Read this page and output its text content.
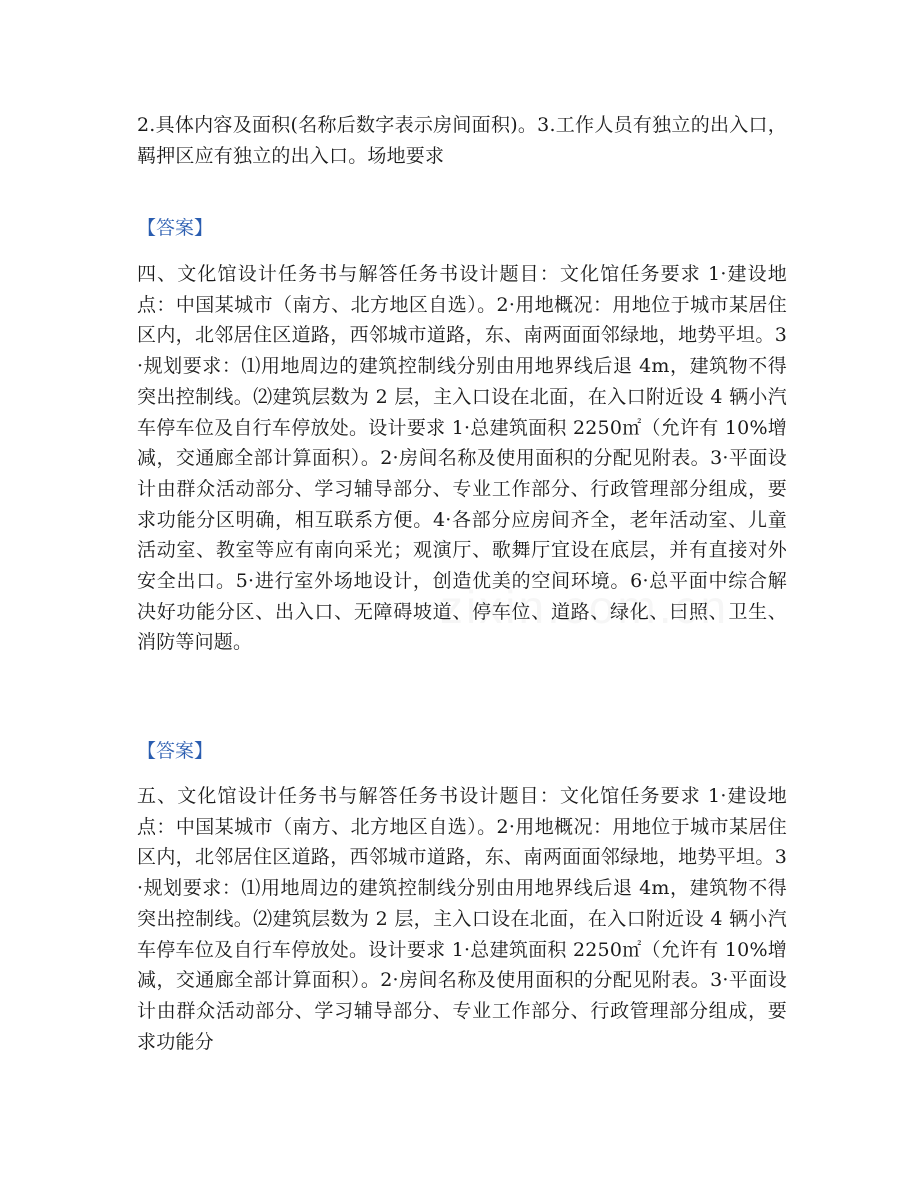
2.具体内容及面积(名称后数字表示房间面积)。3.工作人员有独立的出入口，羁押区应有独立的出入口。场地要求

【答案】

四、文化馆设计任务书与解答任务书设计题目：文化馆任务要求 1·建设地点：中国某城市（南方、北方地区自选）。2·用地概况：用地位于城市某居住区内，北邻居住区道路，西邻城市道路，东、南两面面邻绿地，地势平坦。3·规划要求：⑴用地周边的建筑控制线分别由用地界线后退 4m，建筑物不得突出控制线。⑵建筑层数为 2 层，主入口设在北面，在入口附近设 4 辆小汽车停车位及自行车停放处。设计要求 1·总建筑面积 2250㎡（允许有 10%增减，交通廊全部计算面积）。2·房间名称及使用面积的分配见附表。3·平面设计由群众活动部分、学习辅导部分、专业工作部分、行政管理部分组成，要求功能分区明确，相互联系方便。4·各部分应房间齐全，老年活动室、儿童活动室、教室等应有南向采光；观演厅、歌舞厅宜设在底层，并有直接对外安全出口。5·进行室外场地设计，创造优美的空间环境。6·总平面中综合解决好功能分区、出入口、无障碍坡道、停车位、道路、绿化、曰照、卫生、消防等问题。

【答案】

五、文化馆设计任务书与解答任务书设计题目：文化馆任务要求 1·建设地点：中国某城市（南方、北方地区自选）。2·用地概况：用地位于城市某居住区内，北邻居住区道路，西邻城市道路，东、南两面面邻绿地，地势平坦。3·规划要求：⑴用地周边的建筑控制线分别由用地界线后退 4m，建筑物不得突出控制线。⑵建筑层数为 2 层，主入口设在北面，在入口附近设 4 辆小汽车停车位及自行车停放处。设计要求 1·总建筑面积 2250㎡（允许有 10%增减，交通廊全部计算面积）。2·房间名称及使用面积的分配见附表。3·平面设计由群众活动部分、学习辅导部分、专业工作部分、行政管理部分组成，要求功能分
